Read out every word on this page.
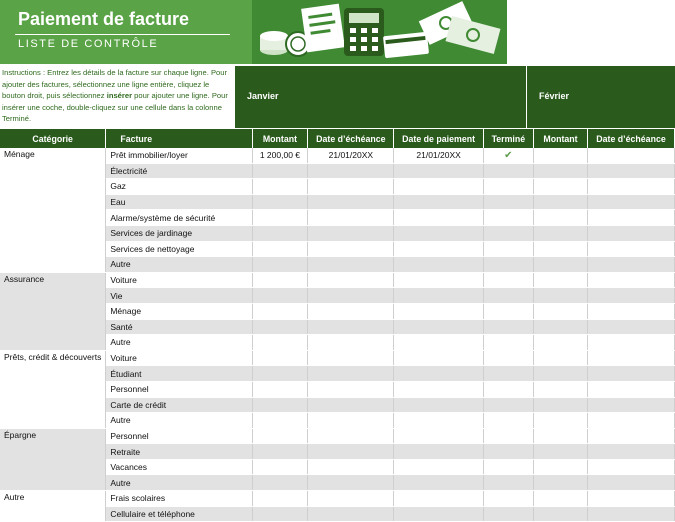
Paiement de facture
LISTE DE CONTRÔLE
Instructions : Entrez les détails de la facture sur chaque ligne. Pour ajouter des factures, sélectionnez une ligne entière, cliquez le bouton droit, puis sélectionnez insérer pour ajouter une ligne. Pour insérer une coche, double-cliquez sur une cellule dans la colonne Terminé.
Janvier	Février
Catégorie	Facture	Montant	Date d’échéance	Date de paiement	Terminé	Montant	Date d’échéance
Ménage	Prêt immobilier/loyer	1 200,00 €	21/01/20XX	21/01/20XX	✔		
	Électricité						
	Gaz						
	Eau						
	Alarme/système de sécurité						
	Services de jardinage						
	Services de nettoyage						
	Autre						
Assurance	Voiture						
	Vie						
	Ménage						
	Santé						
	Autre						
Prêts, crédit & découverts	Voiture						
	Étudiant						
	Personnel						
	Carte de crédit						
	Autre						
Épargne	Personnel						
	Retraite						
	Vacances						
	Autre						
Autre	Frais scolaires						
	Cellulaire et téléphone						
